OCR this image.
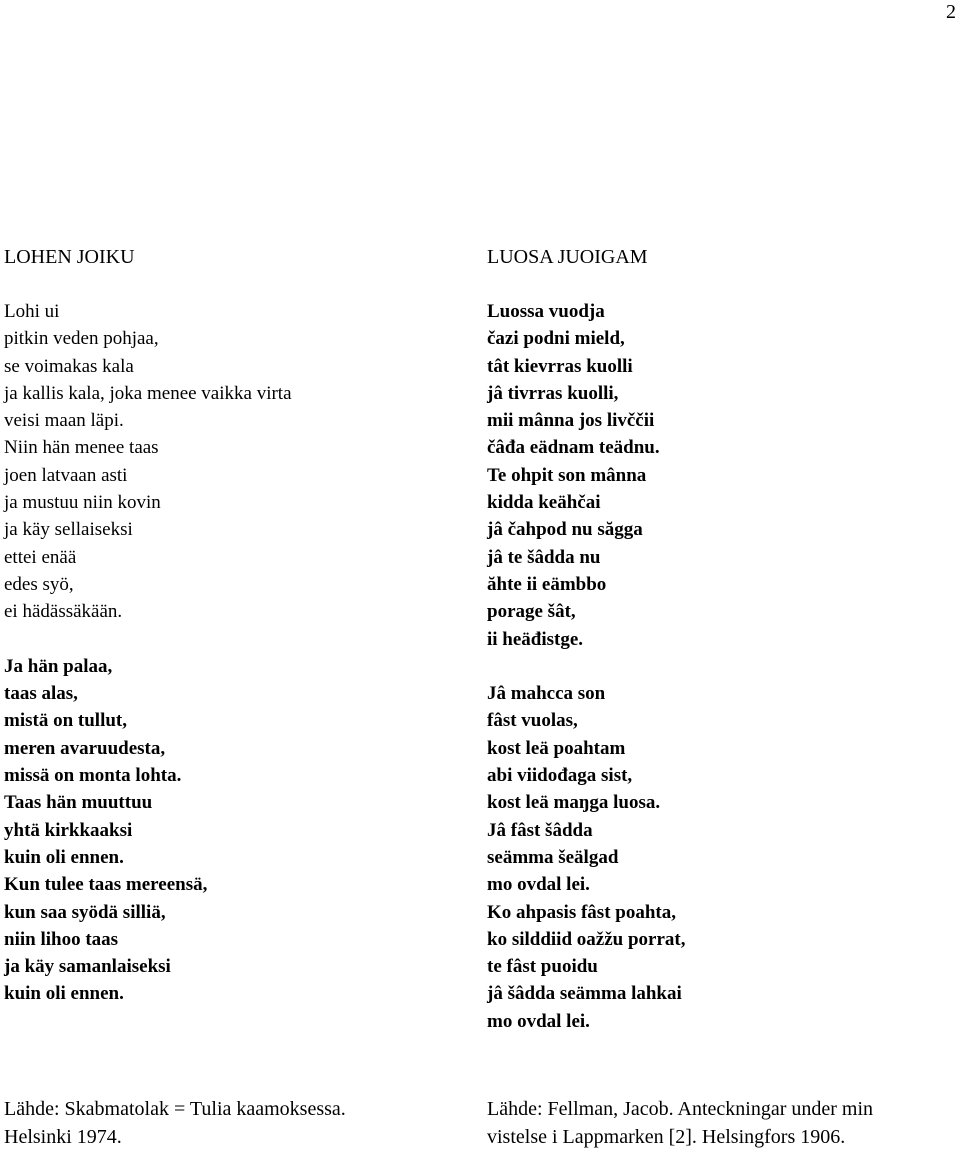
2
LOHEN JOIKU
Lohi ui
pitkin veden pohjaa,
se voimakas kala
ja kallis kala, joka menee vaikka virta
veisi maan läpi.
Niin hän menee taas
joen latvaan asti
ja mustuu niin kovin
ja käy sellaiseksi
ettei enää
edes syö,
ei hädässäkään.
Ja hän palaa,
taas alas,
mistä on tullut,
meren avaruudesta,
missä on monta lohta.
Taas hän muuttuu
yhtä kirkkaaksi
kuin oli ennen.
Kun tulee taas mereensä,
kun saa syödä silliä,
niin lihoo taas
ja käy samanlaiseksi
kuin oli ennen.
LUOSA JUOIGAM
Luossa vuodja
čazi podni mield,
tât kievrras kuolli
jâ tivrras kuolli,
mii mânna jos livččii
čâđa eädnam teädnu.
Te ohpit son mânna
kidda keähčai
jâ čahpod nu săgga
jâ te šâdda nu
ăhte ii eämbbo
porage šât,
ii heäđistge.
Jâ mahcca son
fâst vuolas,
kost leä poahtam
abi viidođaga sist,
kost leä maŋga luosa.
Jâ fâst šâdda
seämma šeälgad
mo ovdal lei.
Ko ahpasis fâst poahta,
ko silddiid oažžu porrat,
te fâst puoidu
jâ šâdda seämma lahkai
mo ovdal lei.
Lähde: Skabmatolak = Tulia kaamoksessa.
Helsinki 1974.
Lähde: Fellman, Jacob. Anteckningar under min
vistelse i Lappmarken [2]. Helsingfors 1906.
